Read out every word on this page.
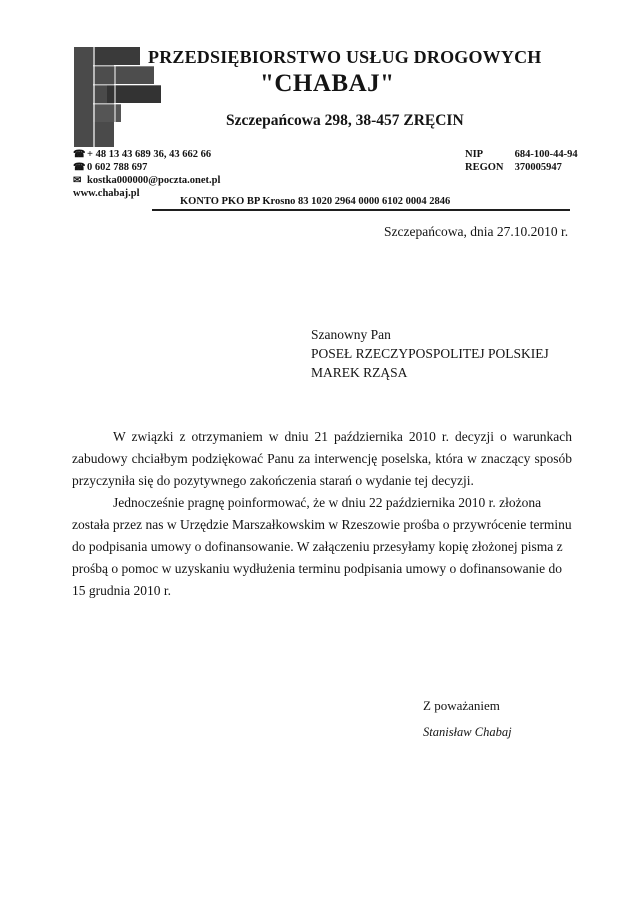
PRZEDSIĘBIORSTWO USŁUG DROGOWYCH
"CHABAJ"
Szczepańcowa 298, 38-457 ZRĘCIN
☎ + 48 13 43 689 36, 43 662 66
☎ 0 602 788 697
✉ kostka000000@poczta.onet.pl
www.chabaj.pl
NIP	684-100-44-94
REGON 370005947
KONTO PKO BP Krosno 83 1020 2964 0000 6102 0004 2846
Szczepańcowa, dnia 27.10.2010 r.
Szanowny Pan
POSEŁ RZECZYPOSPOLITEJ POLSKIEJ
MAREK RZĄSA

W związki z otrzymaniem w dniu 21 października 2010 r. decyzji o warunkach zabudowy chciałbym podziękować Panu za interwencję poselska, która w znaczący sposób przyczyniła się do pozytywnego zakończenia starań o wydanie tej decyzji.

Jednocześnie pragnę poinformować, że w dniu 22 października 2010 r. złożona została przez nas w Urzędzie Marszałkowskim w Rzeszowie prośba o przywrócenie terminu do podpisania umowy o dofinansowanie. W załączeniu przesyłamy kopię złożonej pisma z prośbą o pomoc w uzyskaniu wydłużenia terminu podpisania umowy o dofinansowanie do 15 grudnia 2010 r.

Z poważaniem
Stanisław Chabaj
